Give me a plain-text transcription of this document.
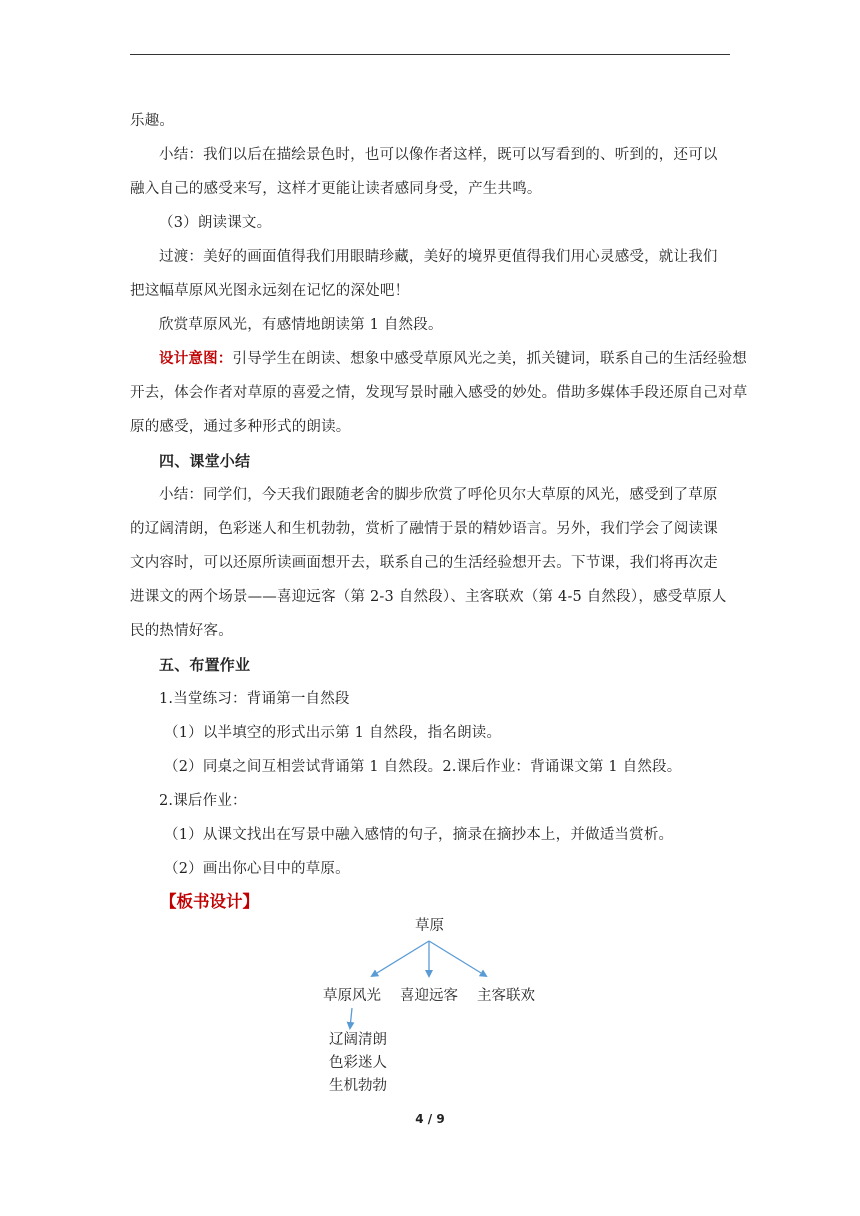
乐趣。
小结：我们以后在描绘景色时，也可以像作者这样，既可以写看到的、听到的，还可以
融入自己的感受来写，这样才更能让读者感同身受，产生共鸣。
（3）朗读课文。
过渡：美好的画面值得我们用眼睛珍藏，美好的境界更值得我们用心灵感受，就让我们
把这幅草原风光图永远刻在记忆的深处吧！
欣赏草原风光，有感情地朗读第 1 自然段。
设计意图：引导学生在朗读、想象中感受草原风光之美，抓关键词，联系自己的生活经验想
开去，体会作者对草原的喜爱之情，发现写景时融入感受的妙处。借助多媒体手段还原自己对草
原的感受，通过多种形式的朗读。
四、课堂小结
小结：同学们，今天我们跟随老舍的脚步欣赏了呼伦贝尔大草原的风光，感受到了草原
的辽阔清朗，色彩迷人和生机勃勃，赏析了融情于景的精妙语言。另外，我们学会了阅读课
文内容时，可以还原所读画面想开去，联系自己的生活经验想开去。下节课，我们将再次走
进课文的两个场景——喜迎远客（第 2-3 自然段）、主客联欢（第 4-5 自然段），感受草原人
民的热情好客。
五、布置作业
1.当堂练习：背诵第一自然段
（1）以半填空的形式出示第 1 自然段，指名朗读。
（2）同桌之间互相尝试背诵第 1 自然段。2.课后作业：背诵课文第 1 自然段。
2.课后作业：
（1）从课文找出在写景中融入感情的句子，摘录在摘抄本上，并做适当赏析。
（2）画出你心目中的草原。
【板书设计】
草原
草原风光 喜迎远客 主客联欢
辽阔清朗
色彩迷人
生机勃勃
4 / 9
